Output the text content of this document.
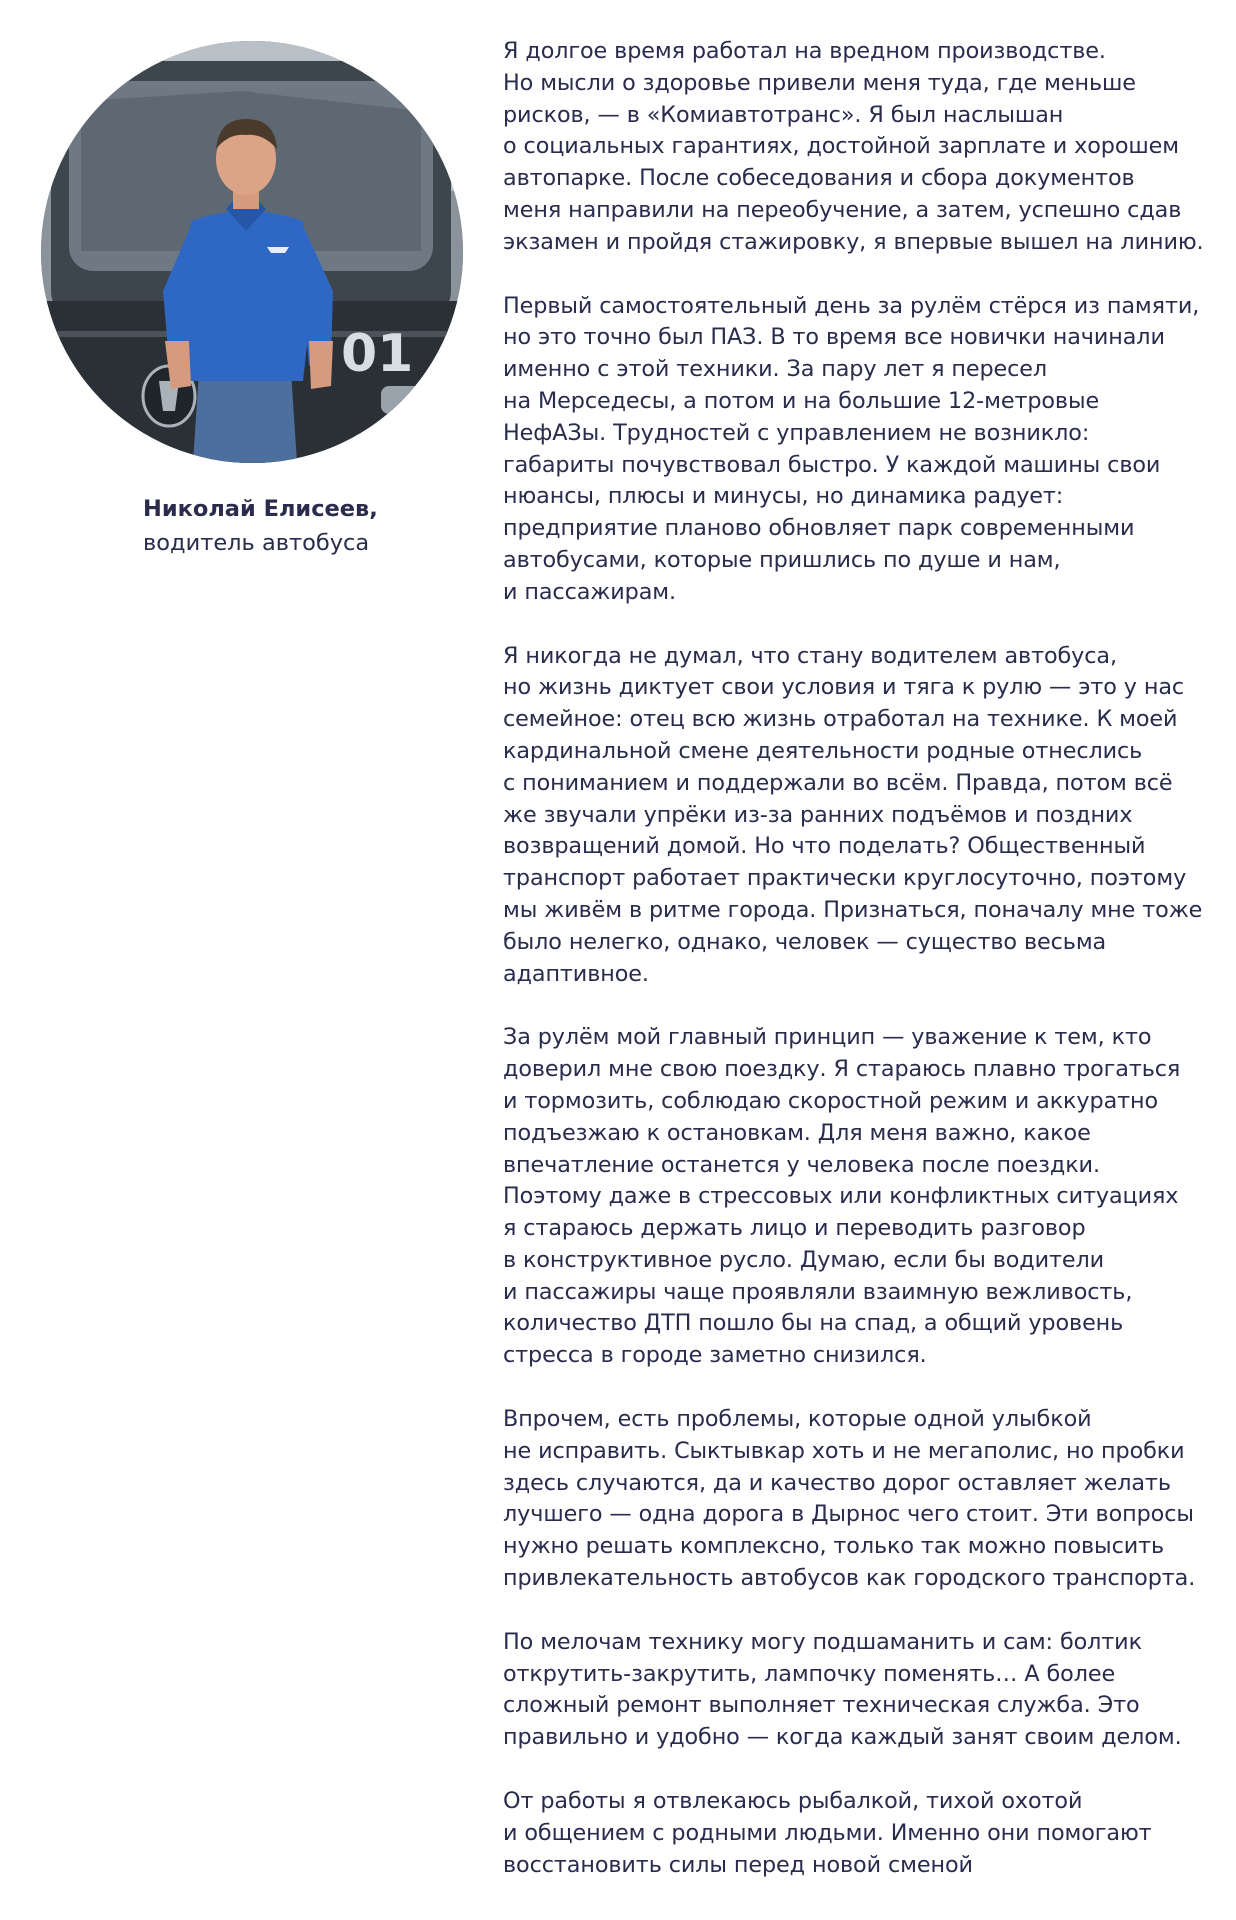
01
Николай Елисеев,
водитель автобуса

Я долгое время работал на вредном производстве.
Но мысли о здоровье привели меня туда, где меньше
рисков, — в «Комиавтотранс». Я был наслышан
о социальных гарантиях, достойной зарплате и хорошем
автопарке. После собеседования и сбора документов
меня направили на переобучение, а затем, успешно сдав
экзамен и пройдя стажировку, я впервые вышел на линию.

Первый самостоятельный день за рулём стёрся из памяти,
но это точно был ПАЗ. В то время все новички начинали
именно с этой техники. За пару лет я пересел
на Мерседесы, а потом и на большие 12-метровые
НефАЗы. Трудностей с управлением не возникло:
габариты почувствовал быстро. У каждой машины свои
нюансы, плюсы и минусы, но динамика радует:
предприятие планово обновляет парк современными
автобусами, которые пришлись по душе и нам,
и пассажирам.

Я никогда не думал, что стану водителем автобуса,
но жизнь диктует свои условия и тяга к рулю — это у нас
семейное: отец всю жизнь отработал на технике. К моей
кардинальной смене деятельности родные отнеслись
с пониманием и поддержали во всём. Правда, потом всё
же звучали упрёки из-за ранних подъёмов и поздних
возвращений домой. Но что поделать? Общественный
транспорт работает практически круглосуточно, поэтому
мы живём в ритме города. Признаться, поначалу мне тоже
было нелегко, однако, человек — существо весьма
адаптивное.

За рулём мой главный принцип — уважение к тем, кто
доверил мне свою поездку. Я стараюсь плавно трогаться
и тормозить, соблюдаю скоростной режим и аккуратно
подъезжаю к остановкам. Для меня важно, какое
впечатление останется у человека после поездки.
Поэтому даже в стрессовых или конфликтных ситуациях
я стараюсь держать лицо и переводить разговор
в конструктивное русло. Думаю, если бы водители
и пассажиры чаще проявляли взаимную вежливость,
количество ДТП пошло бы на спад, а общий уровень
стресса в городе заметно снизился.

Впрочем, есть проблемы, которые одной улыбкой
не исправить. Сыктывкар хоть и не мегаполис, но пробки
здесь случаются, да и качество дорог оставляет желать
лучшего — одна дорога в Дырнос чего стоит. Эти вопросы
нужно решать комплексно, только так можно повысить
привлекательность автобусов как городского транспорта.

По мелочам технику могу подшаманить и сам: болтик
открутить-закрутить, лампочку поменять… А более
сложный ремонт выполняет техническая служба. Это
правильно и удобно — когда каждый занят своим делом.

От работы я отвлекаюсь рыбалкой, тихой охотой
и общением с родными людьми. Именно они помогают
восстановить силы перед новой сменой
